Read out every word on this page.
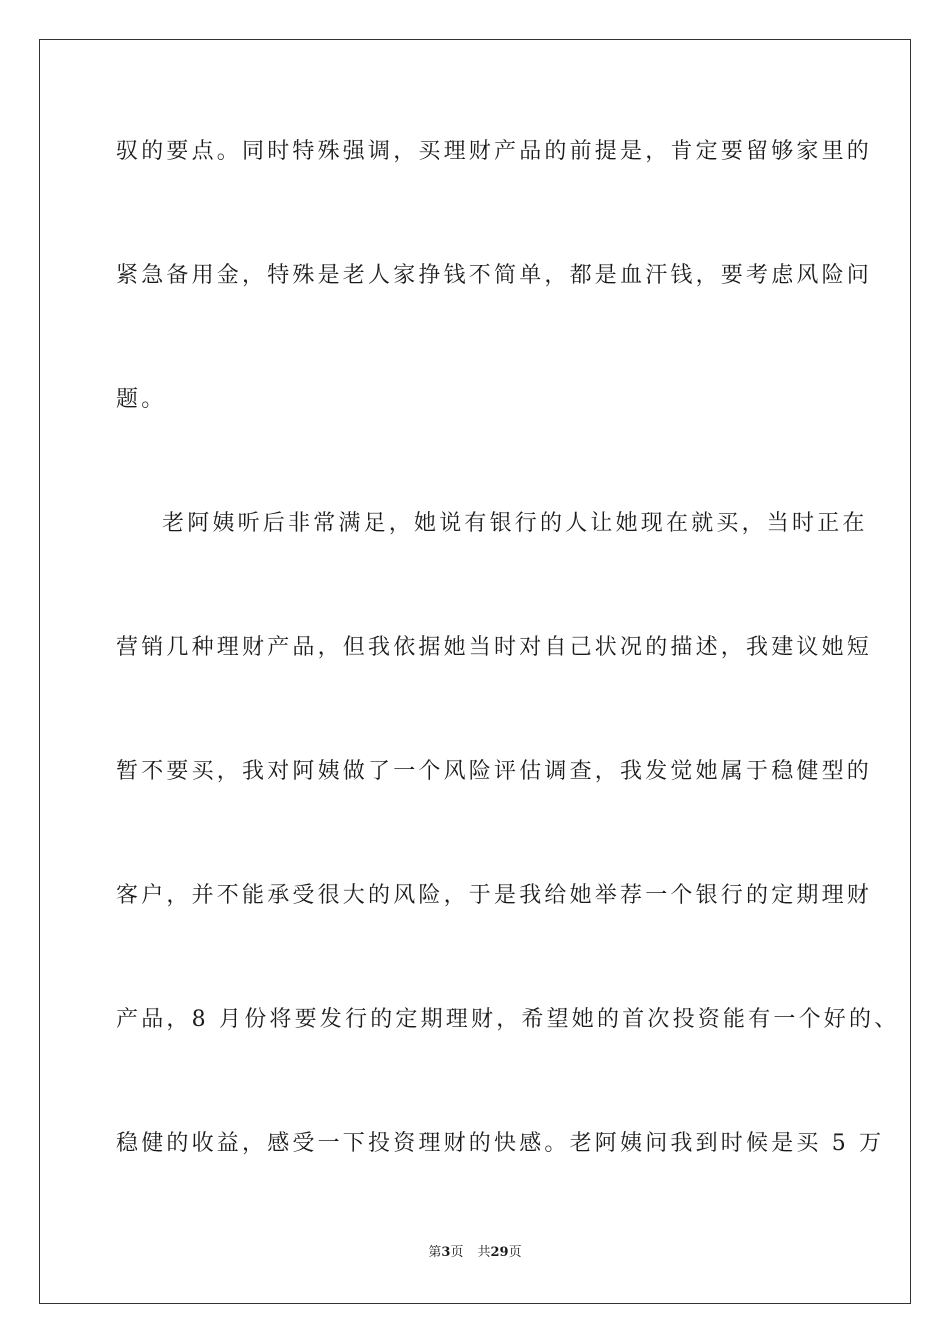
驭的要点。同时特殊强调，买理财产品的前提是，肯定要留够家里的
紧急备用金，特殊是老人家挣钱不简单，都是血汗钱，要考虑风险问
题。
老阿姨听后非常满足，她说有银行的人让她现在就买，当时正在
营销几种理财产品，但我依据她当时对自己状况的描述，我建议她短
暂不要买，我对阿姨做了一个风险评估调查，我发觉她属于稳健型的
客户，并不能承受很大的风险，于是我给她举荐一个银行的定期理财
产品，8 月份将要发行的定期理财，希望她的首次投资能有一个好的、
稳健的收益，感受一下投资理财的快感。老阿姨问我到时候是买 5 万
第3页 共29页
